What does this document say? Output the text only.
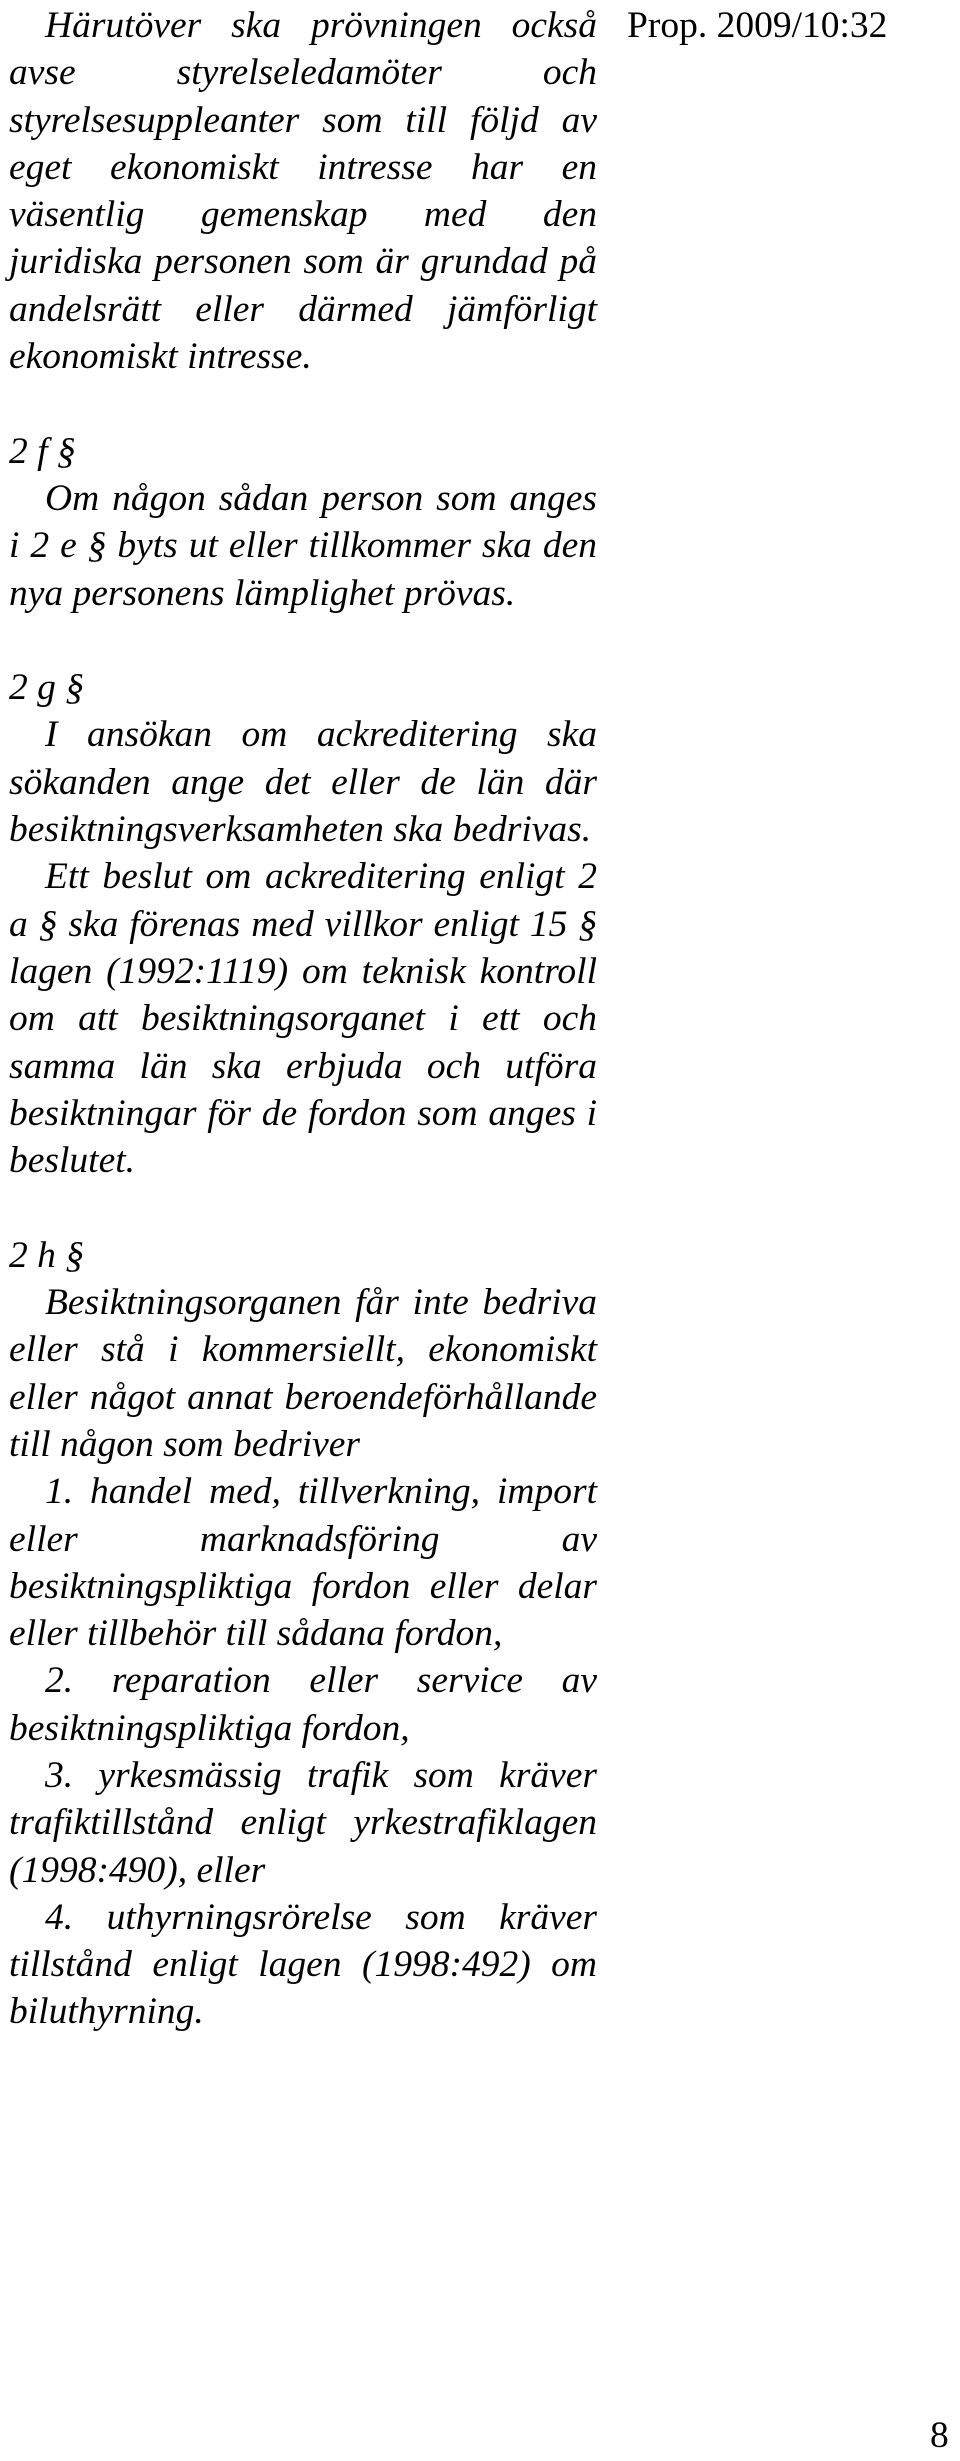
Prop. 2009/10:32

Härutöver ska prövningen också avse styrelseledamöter och styrelsesuppleanter som till följd av eget ekonomiskt intresse har en väsentlig gemenskap med den juridiska personen som är grundad på andelsrätt eller därmed jämförligt ekonomiskt intresse.

2 f §

Om någon sådan person som anges i 2 e § byts ut eller tillkommer ska den nya personens lämplighet prövas.

2 g §

I ansökan om ackreditering ska sökanden ange det eller de län där besiktningsverksamheten ska bedrivas.

Ett beslut om ackreditering enligt 2 a § ska förenas med villkor enligt 15 § lagen (1992:1119) om teknisk kontroll om att besiktningsorganet i ett och samma län ska erbjuda och utföra besiktningar för de fordon som anges i beslutet.

2 h §

Besiktningsorganen får inte bedriva eller stå i kommersiellt, ekonomiskt eller något annat beroendeförhållande till någon som bedriver

1. handel med, tillverkning, import eller marknadsföring av besiktningspliktiga fordon eller delar eller tillbehör till sådana fordon,

2. reparation eller service av besiktningspliktiga fordon,

3. yrkesmässig trafik som kräver trafiktillstånd enligt yrkestrafiklagen (1998:490), eller

4. uthyrningsrörelse som kräver tillstånd enligt lagen (1998:492) om biluthyrning.

8
